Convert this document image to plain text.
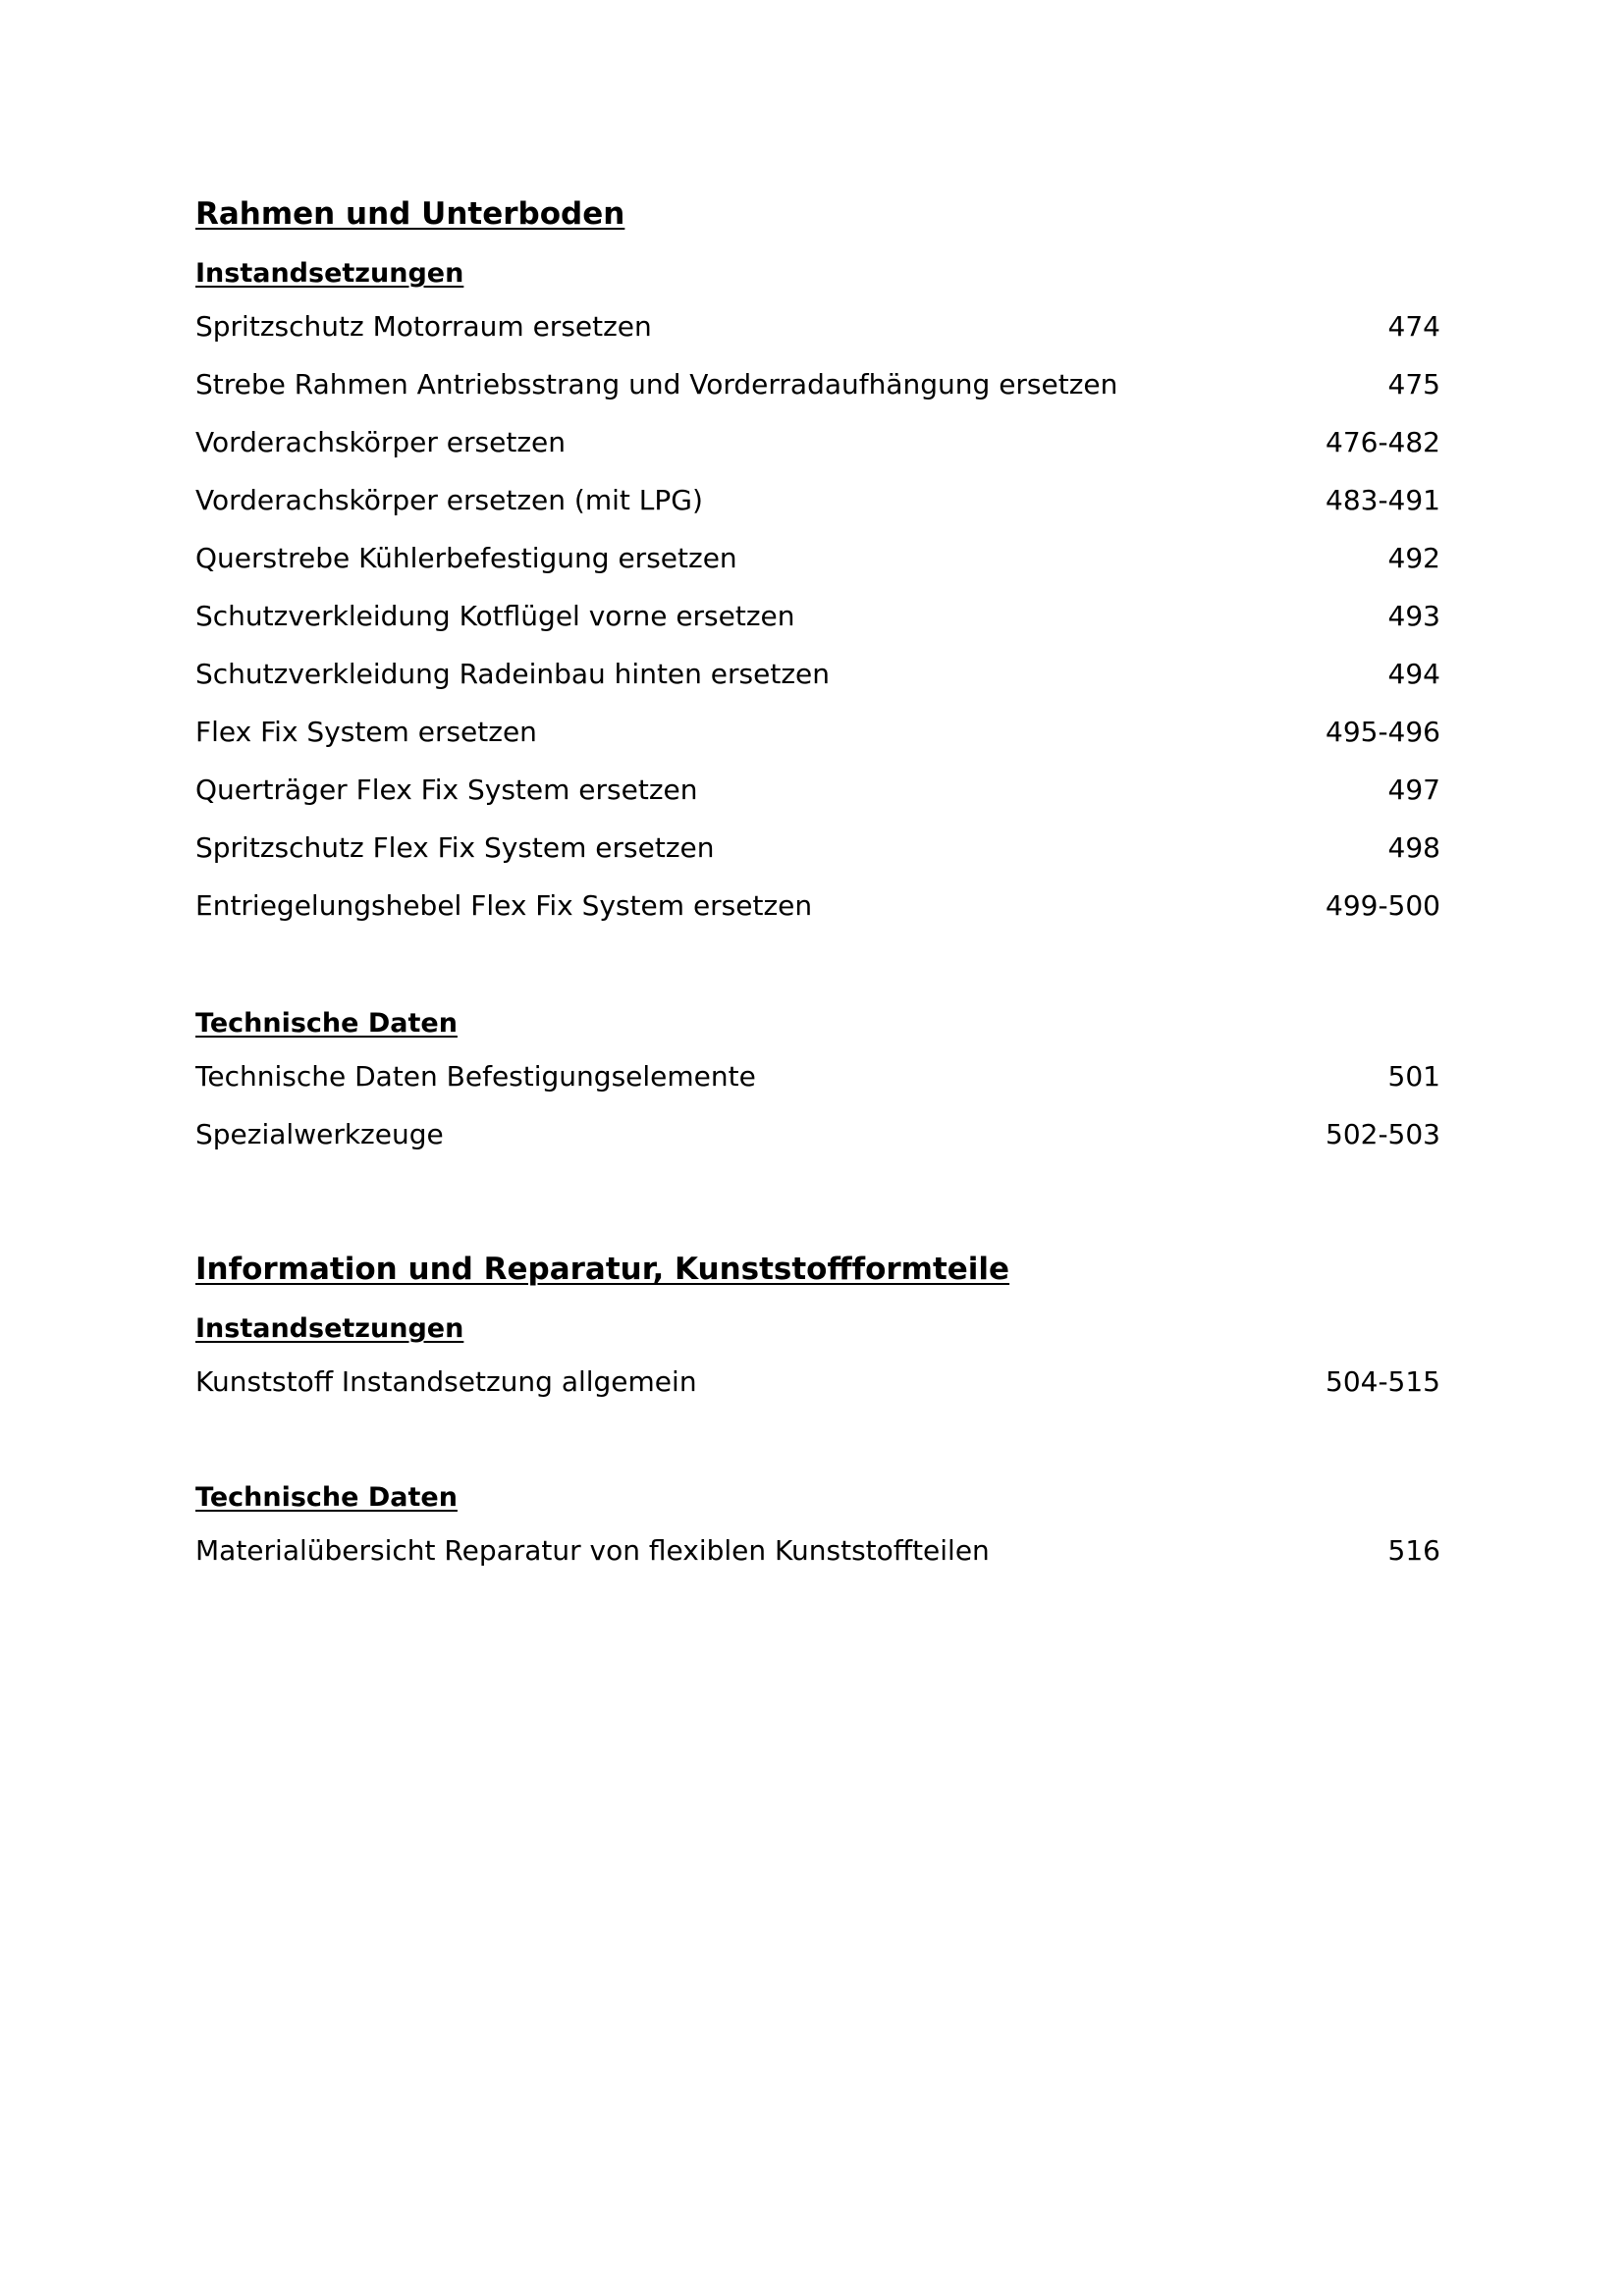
Rahmen und Unterboden
Instandsetzungen
Spritzschutz Motorraum ersetzen	474
Strebe Rahmen Antriebsstrang und Vorderradaufhängung ersetzen	475
Vorderachskörper ersetzen	476-482
Vorderachskörper ersetzen (mit LPG)	483-491
Querstrebe Kühlerbefestigung ersetzen	492
Schutzverkleidung Kotflügel vorne ersetzen	493
Schutzverkleidung Radeinbau hinten ersetzen	494
Flex Fix System ersetzen	495-496
Querträger Flex Fix System ersetzen	497
Spritzschutz Flex Fix System ersetzen	498
Entriegelungshebel Flex Fix System ersetzen	499-500
Technische Daten
Technische Daten Befestigungselemente	501
Spezialwerkzeuge	502-503
Information und Reparatur, Kunststoffformteile
Instandsetzungen
Kunststoff Instandsetzung allgemein	504-515
Technische Daten
Materialübersicht Reparatur von flexiblen Kunststoffteilen	516
